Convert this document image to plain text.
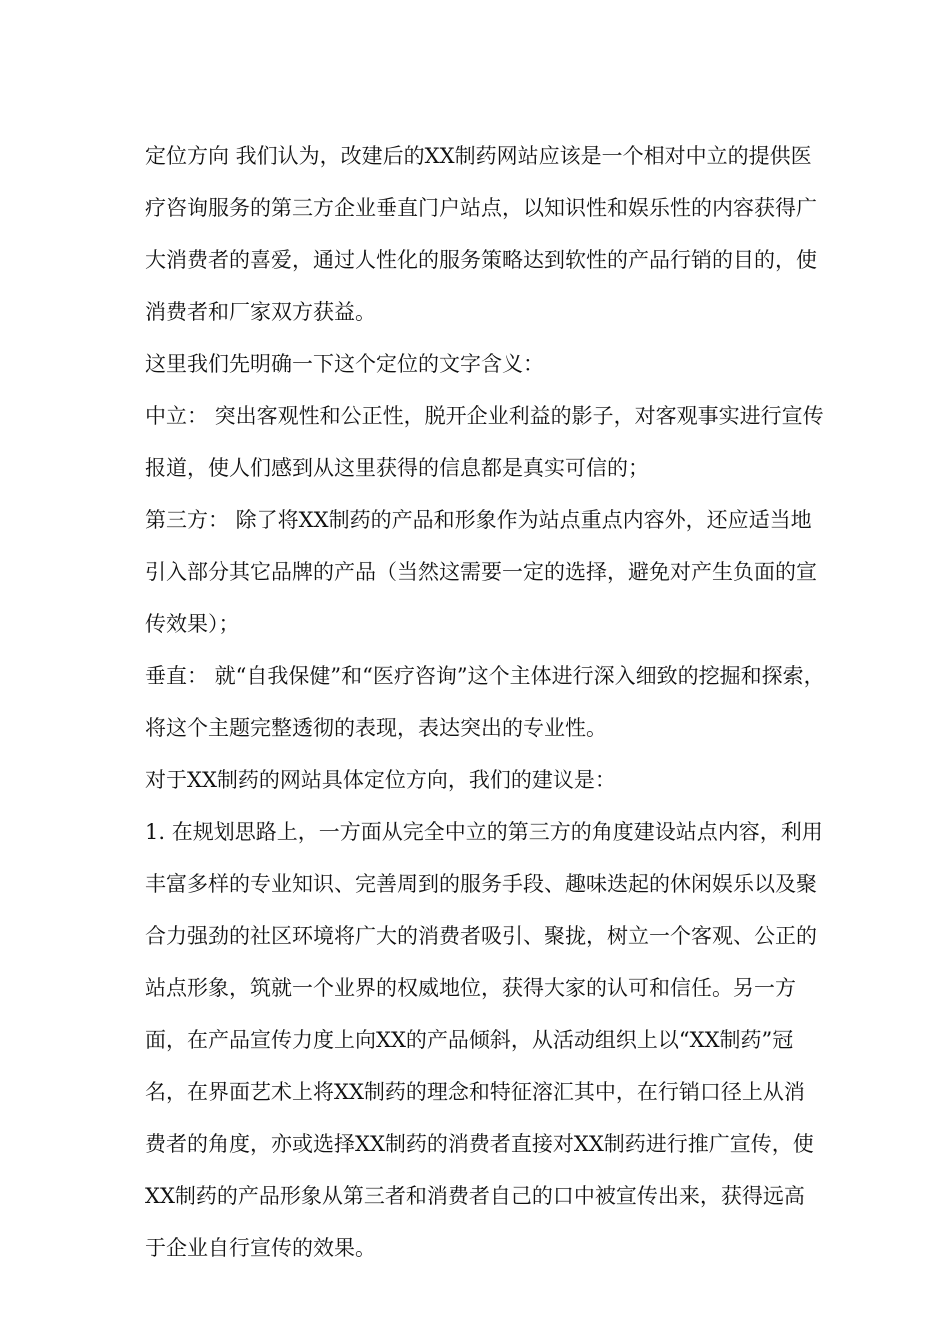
定位方向 我们认为，改建后的XX制药网站应该是一个相对中立的提供医疗咨询服务的第三方企业垂直门户站点，以知识性和娱乐性的内容获得广大消费者的喜爱，通过人性化的服务策略达到软性的产品行销的目的，使消费者和厂家双方获益。

这里我们先明确一下这个定位的文字含义：

中立： 突出客观性和公正性，脱开企业利益的影子，对客观事实进行宣传报道，使人们感到从这里获得的信息都是真实可信的；

第三方： 除了将XX制药的产品和形象作为站点重点内容外，还应适当地引入部分其它品牌的产品（当然这需要一定的选择，避免对产生负面的宣传效果）；

垂直： 就“自我保健”和“医疗咨询”这个主体进行深入细致的挖掘和探索，将这个主题完整透彻的表现，表达突出的专业性。

对于XX制药的网站具体定位方向，我们的建议是：

1. 在规划思路上，一方面从完全中立的第三方的角度建设站点内容，利用丰富多样的专业知识、完善周到的服务手段、趣味迭起的休闲娱乐以及聚合力强劲的社区环境将广大的消费者吸引、聚拢，树立一个客观、公正的站点形象，筑就一个业界的权威地位，获得大家的认可和信任。另一方面，在产品宣传力度上向XX的产品倾斜，从活动组织上以“XX制药”冠名，在界面艺术上将XX制药的理念和特征溶汇其中，在行销口径上从消费者的角度，亦或选择XX制药的消费者直接对XX制药进行推广宣传，使XX制药的产品形象从第三者和消费者自己的口中被宣传出来，获得远高于企业自行宣传的效果。
